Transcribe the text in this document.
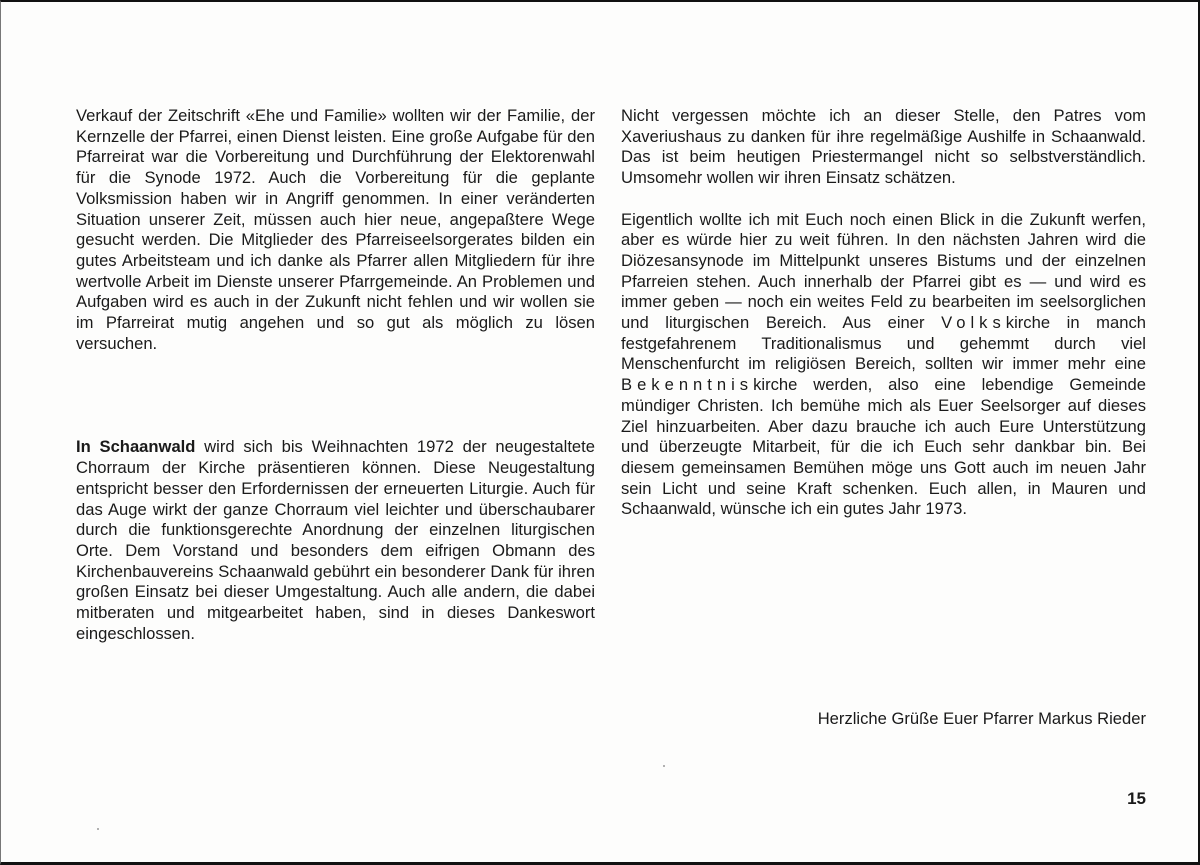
Verkauf der Zeitschrift «Ehe und Familie» wollten wir der Familie, der Kernzelle der Pfarrei, einen Dienst leisten. Eine große Aufgabe für den Pfarreirat war die Vorbereitung und Durchführung der Elektorenwahl für die Synode 1972. Auch die Vorbereitung für die geplante Volksmission haben wir in Angriff genommen. In einer veränderten Situation unserer Zeit, müssen auch hier neue, angepaßtere Wege gesucht werden. Die Mitglieder des Pfarreiseelsorgerates bilden ein gutes Arbeitsteam und ich danke als Pfarrer allen Mitgliedern für ihre wertvolle Arbeit im Dienste unserer Pfarrgemeinde. An Problemen und Aufgaben wird es auch in der Zukunft nicht fehlen und wir wollen sie im Pfarreirat mutig angehen und so gut als möglich zu lösen versuchen.

In Schaanwald wird sich bis Weihnachten 1972 der neugestaltete Chorraum der Kirche präsentieren können. Diese Neugestaltung entspricht besser den Erfordernissen der erneuerten Liturgie. Auch für das Auge wirkt der ganze Chorraum viel leichter und überschaubarer durch die funktionsgerechte Anordnung der einzelnen liturgischen Orte. Dem Vorstand und besonders dem eifrigen Obmann des Kirchenbauvereins Schaanwald gebührt ein besonderer Dank für ihren großen Einsatz bei dieser Umgestaltung. Auch alle andern, die dabei mitberaten und mitgearbeitet haben, sind in dieses Dankeswort eingeschlossen.

Nicht vergessen möchte ich an dieser Stelle, den Patres vom Xaveriushaus zu danken für ihre regelmäßige Aushilfe in Schaanwald. Das ist beim heutigen Priestermangel nicht so selbstverständlich. Umsomehr wollen wir ihren Einsatz schätzen.

Eigentlich wollte ich mit Euch noch einen Blick in die Zukunft werfen, aber es würde hier zu weit führen. In den nächsten Jahren wird die Diözesansynode im Mittelpunkt unseres Bistums und der einzelnen Pfarreien stehen. Auch innerhalb der Pfarrei gibt es — und wird es immer geben — noch ein weites Feld zu bearbeiten im seelsorglichen und liturgischen Bereich. Aus einer Volkskirche in manch festgefahrenem Traditionalismus und gehemmt durch viel Menschenfurcht im religiösen Bereich, sollten wir immer mehr eine Bekenntniskirche werden, also eine lebendige Gemeinde mündiger Christen. Ich bemühe mich als Euer Seelsorger auf dieses Ziel hinzuarbeiten. Aber dazu brauche ich auch Eure Unterstützung und überzeugte Mitarbeit, für die ich Euch sehr dankbar bin. Bei diesem gemeinsamen Bemühen möge uns Gott auch im neuen Jahr sein Licht und seine Kraft schenken. Euch allen, in Mauren und Schaanwald, wünsche ich ein gutes Jahr 1973.

Herzliche Grüße Euer Pfarrer Markus Rieder
15
